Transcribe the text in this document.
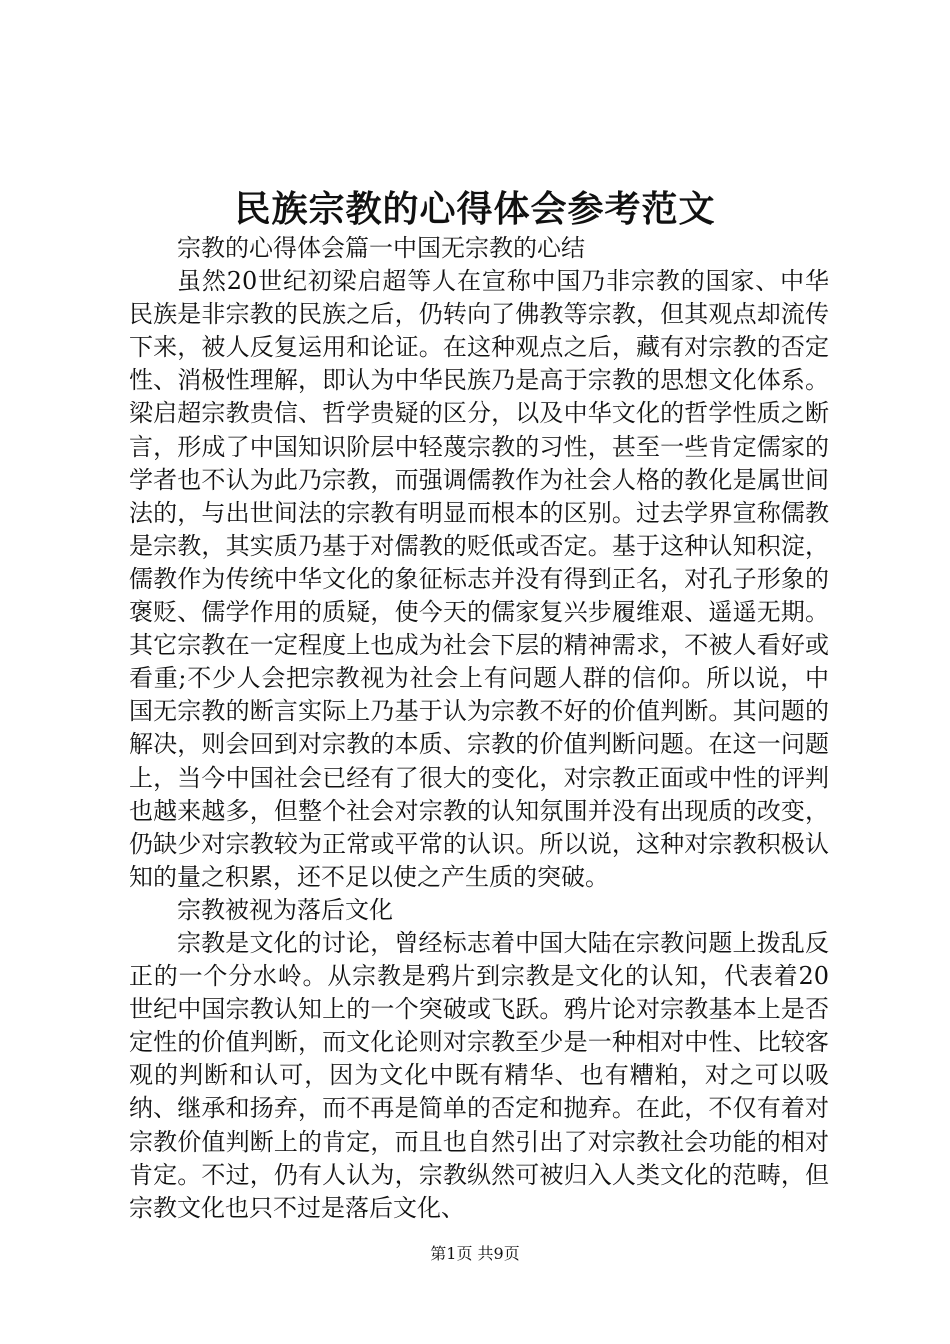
民族宗教的心得体会参考范文

宗教的心得体会篇一中国无宗教的心结

虽然20世纪初梁启超等人在宣称中国乃非宗教的国家、中华民族是非宗教的民族之后，仍转向了佛教等宗教，但其观点却流传下来，被人反复运用和论证。在这种观点之后，藏有对宗教的否定性、消极性理解，即认为中华民族乃是高于宗教的思想文化体系。梁启超宗教贵信、哲学贵疑的区分，以及中华文化的哲学性质之断言，形成了中国知识阶层中轻蔑宗教的习性，甚至一些肯定儒家的学者也不认为此乃宗教，而强调儒教作为社会人格的教化是属世间法的，与出世间法的宗教有明显而根本的区别。过去学界宣称儒教是宗教，其实质乃基于对儒教的贬低或否定。基于这种认知积淀，儒教作为传统中华文化的象征标志并没有得到正名，对孔子形象的褒贬、儒学作用的质疑，使今天的儒家复兴步履维艰、遥遥无期。其它宗教在一定程度上也成为社会下层的精神需求，不被人看好或看重;不少人会把宗教视为社会上有问题人群的信仰。所以说，中国无宗教的断言实际上乃基于认为宗教不好的价值判断。其问题的解决，则会回到对宗教的本质、宗教的价值判断问题。在这一问题上，当今中国社会已经有了很大的变化，对宗教正面或中性的评判也越来越多，但整个社会对宗教的认知氛围并没有出现质的改变，仍缺少对宗教较为正常或平常的认识。所以说，这种对宗教积极认知的量之积累，还不足以使之产生质的突破。

宗教被视为落后文化

宗教是文化的讨论，曾经标志着中国大陆在宗教问题上拨乱反正的一个分水岭。从宗教是鸦片到宗教是文化的认知，代表着20世纪中国宗教认知上的一个突破或飞跃。鸦片论对宗教基本上是否定性的价值判断，而文化论则对宗教至少是一种相对中性、比较客观的判断和认可，因为文化中既有精华、也有糟粕，对之可以吸纳、继承和扬弃，而不再是简单的否定和抛弃。在此，不仅有着对宗教价值判断上的肯定，而且也自然引出了对宗教社会功能的相对肯定。不过，仍有人认为，宗教纵然可被归入人类文化的范畴，但宗教文化也只不过是落后文化、

第1页 共9页
